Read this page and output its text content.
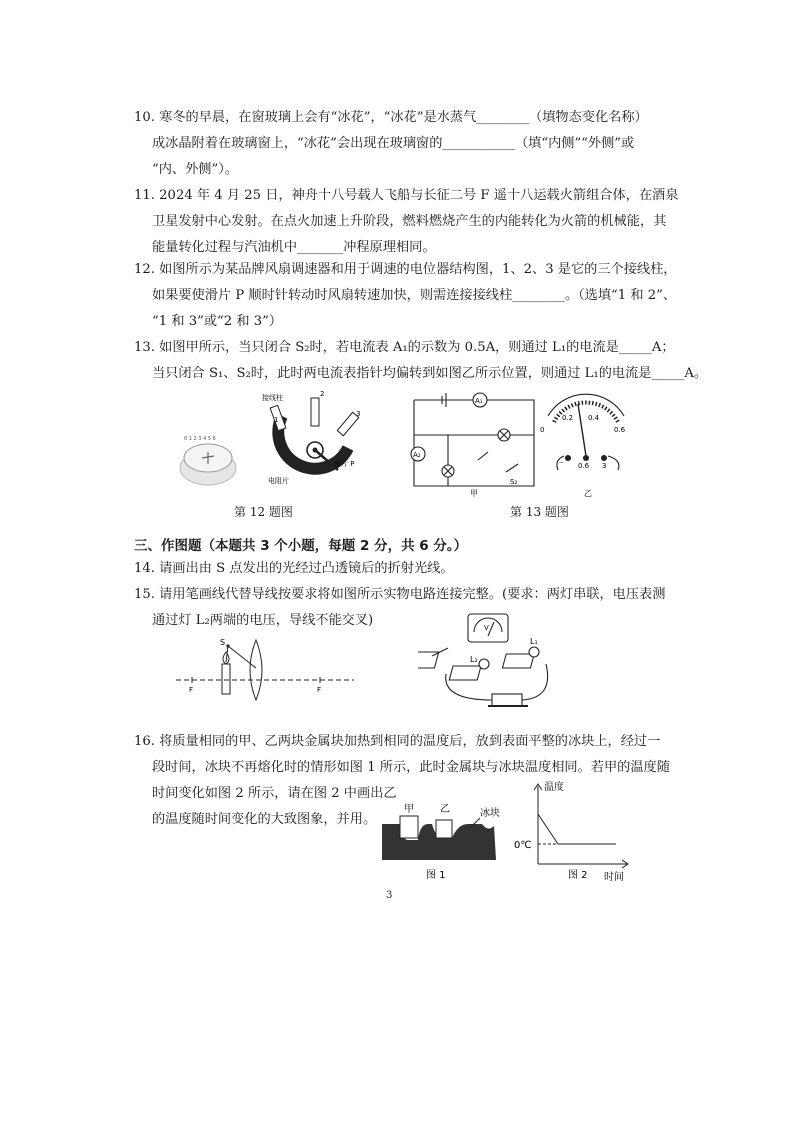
10. 寒冬的早晨，在窗玻璃上会有“冰花”，“冰花”是水蒸气________（填物态变化名称）

成冰晶附着在玻璃窗上，“冰花”会出现在玻璃窗的___________（填“内侧”“外侧”或

“内、外侧”）。

11. 2024 年 4 月 25 日，神舟十八号载人飞船与长征二号 F 遥十八运载火箭组合体，在酒泉

卫星发射中心发射。在点火加速上升阶段，燃料燃烧产生的内能转化为火箭的机械能，其

能量转化过程与汽油机中_______冲程原理相同。

12. 如图所示为某品牌风扇调速器和用于调速的电位器结构图，1、2、3 是它的三个接线柱，

如果要使滑片 P 顺时针转动时风扇转速加快，则需连接接线柱________。（选填“1 和 2”、

“1 和 3”或“2 和 3”）

13. 如图甲所示，当只闭合 S₂时，若电流表 A₁的示数为 0.5A，则通过 L₁的电流是_____A；

当只闭合 S₁、S₂时，此时两电流表指针均偏转到如图乙所示位置，则通过 L₁的电流是_____A。

0 1 2 3 4 5 6
接线柱	2
3
1
滑片 P
电阻片
第 12 题图
A₁
A₂
S₂
0
0.2 0.4
0.6
– 0.6 3
甲	乙
第 13 题图
三、作图题（本题共 3 个小题，每题 2 分，共 6 分。）

14. 请画出由 S 点发出的光经过凸透镜后的折射光线。

15. 请用笔画线代替导线按要求将如图所示实物电路连接完整。(要求：两灯串联，电压表测

通过灯 L₂两端的电压，导线不能交叉)

S
F	F
V
L₁
L₂

16. 将质量相同的甲、乙两块金属块加热到相同的温度后，放到表面平整的冰块上，经过一

段时间，冰块不再熔化时的情形如图 1 所示，此时金属块与冰块温度相同。若甲的温度随

时间变化如图 2 所示，请在图 2 中画出乙

的温度随时间变化的大致图象，并用。

甲	乙	冰块
图 1
温度
0℃
图 2 时间
3
